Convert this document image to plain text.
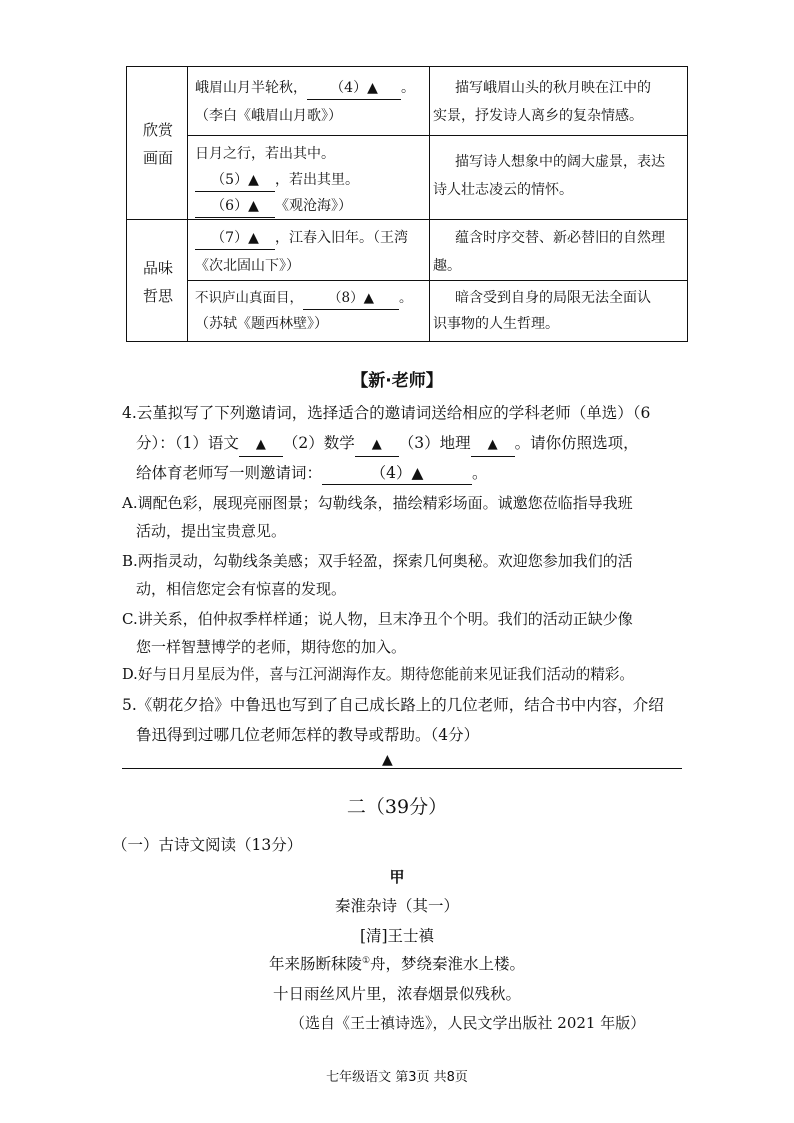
欣赏
画面
品味
哲思
峨眉山月半轮秋， （4）▲ 。
（李白《峨眉山月歌》）
描写峨眉山头的秋月映在江中的
实景，抒发诗人离乡的复杂情感。
日月之行，若出其中。
（5）▲ ，若出其里。
（6）▲ 《观沧海》）
描写诗人想象中的阔大虚景，表达
诗人壮志凌云的情怀。
（7）▲ ，江春入旧年。（王湾
《次北固山下》）
蕴含时序交替、新必替旧的自然理
趣。
不识庐山真面目， （8）▲ 。
（苏轼《题西林壁》）
暗含受到自身的局限无法全面认
识事物的人生哲理。
【新·老师】
4.云堇拟写了下列邀请词，选择适合的邀请词送给相应的学科老师（单选）（6
分）：（1）语文 ▲ （2）数学 ▲ （3）地理 ▲ 。请你仿照选项，
给体育老师写一则邀请词：	（4）▲	。
A.调配色彩，展现亮丽图景；勾勒线条，描绘精彩场面。诚邀您莅临指导我班
活动，提出宝贵意见。
B.两指灵动，勾勒线条美感；双手轻盈，探索几何奥秘。欢迎您参加我们的活
动，相信您定会有惊喜的发现。
C.讲关系，伯仲叔季样样通；说人物，旦末净丑个个明。我们的活动正缺少像
您一样智慧博学的老师，期待您的加入。
D.好与日月星辰为伴，喜与江河湖海作友。期待您能前来见证我们活动的精彩。
5.《朝花夕拾》中鲁迅也写到了自己成长路上的几位老师，结合书中内容，介绍
鲁迅得到过哪几位老师怎样的教导或帮助。（4分）
▲
二（39分）
（一）古诗文阅读（13分）
甲
秦淮杂诗（其一）
[清]王士禛
年来肠断秣陵①舟，梦绕秦淮水上楼。
十日雨丝风片里，浓春烟景似残秋。
（选自《王士禛诗选》，人民文学出版社 2021 年版）
七年级语文 第3页 共8页
